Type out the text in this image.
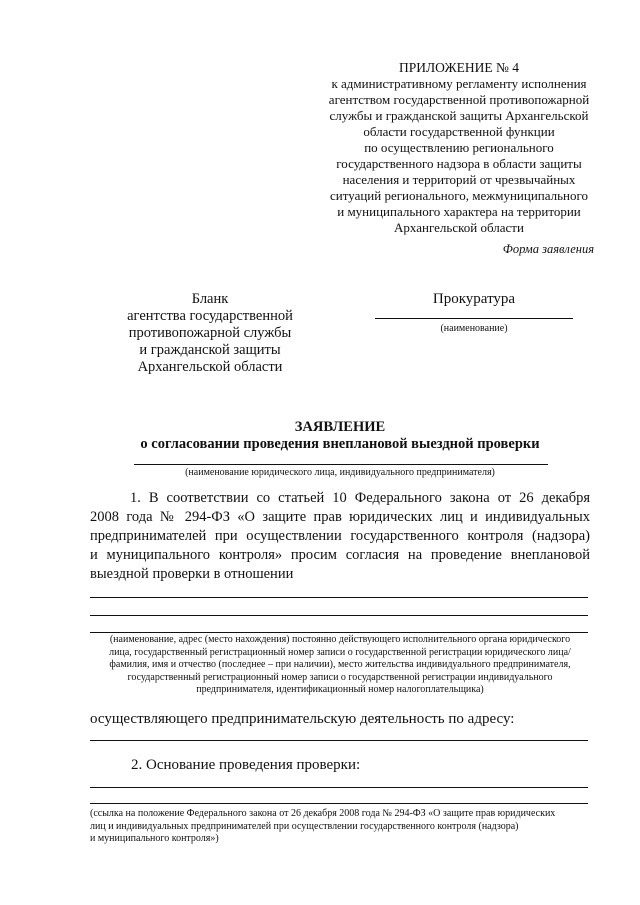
ПРИЛОЖЕНИЕ № 4
к административному регламенту исполнения
агентством государственной противопожарной
службы и гражданской защиты Архангельской
области государственной функции
по осуществлению регионального
государственного надзора в области защиты
населения и территорий от чрезвычайных
ситуаций регионального, межмуниципального
и муниципального характера на территории
Архангельской области
Форма заявления
Бланк
агентства государственной
противопожарной службы
и гражданской защиты
Архангельской области
Прокуратура
(наименование)
ЗАЯВЛЕНИЕ
о согласовании проведения внеплановой выездной проверки
(наименование юридического лица, индивидуального предпринимателя)
1. В соответствии со статьей 10 Федерального закона от 26 декабря
2008 года № 294-ФЗ «О защите прав юридических лиц и индивидуальных
предпринимателей при осуществлении государственного контроля (надзора)
и муниципального контроля» просим согласия на проведение внеплановой
выездной проверки в отношении
(наименование, адрес (место нахождения) постоянно действующего исполнительного органа юридического
лица, государственный регистрационный номер записи о государственной регистрации юридического лица/
фамилия, имя и отчество (последнее – при наличии), место жительства индивидуального предпринимателя,
государственный регистрационный номер записи о государственной регистрации индивидуального
предпринимателя, идентификационный номер налогоплательщика)
осуществляющего предпринимательскую деятельность по адресу:
2. Основание проведения проверки:
(ссылка на положение Федерального закона от 26 декабря 2008 года № 294-ФЗ «О защите прав юридических
лиц и индивидуальных предпринимателей при осуществлении государственного контроля (надзора)
и муниципального контроля»)
